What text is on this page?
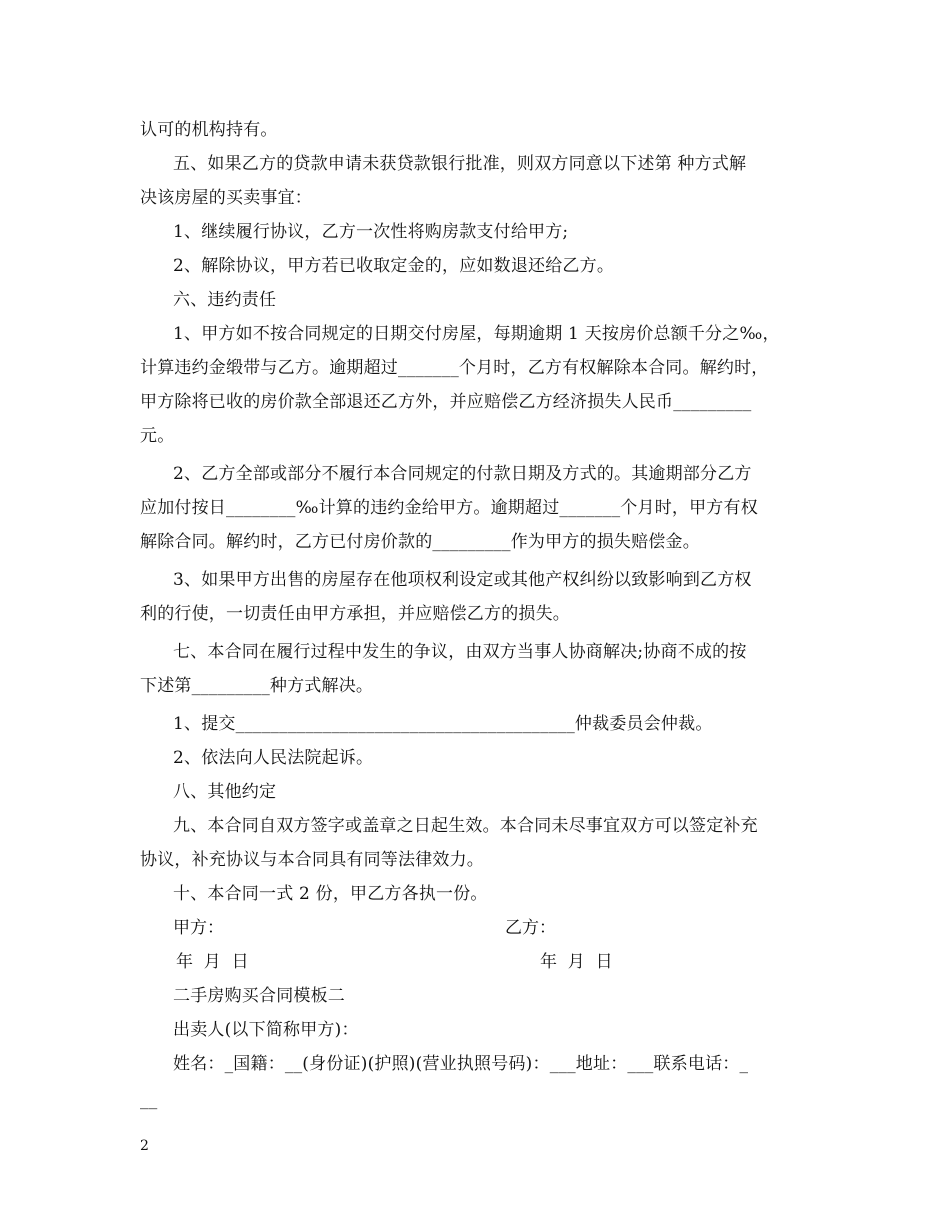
认可的机构持有。
五、如果乙方的贷款申请未获贷款银行批准，则双方同意以下述第 种方式解
决该房屋的买卖事宜：
1、继续履行协议，乙方一次性将购房款支付给甲方;
2、解除协议，甲方若已收取定金的，应如数退还给乙方。
六、违约责任
1、甲方如不按合同规定的日期交付房屋，每期逾期 1 天按房价总额千分之‰，
计算违约金缎带与乙方。逾期超过_______个月时，乙方有权解除本合同。解约时，
甲方除将已收的房价款全部退还乙方外，并应赔偿乙方经济损失人民币_________
元。
2、乙方全部或部分不履行本合同规定的付款日期及方式的。其逾期部分乙方
应加付按日________‰计算的违约金给甲方。逾期超过_______个月时，甲方有权
解除合同。解约时，乙方已付房价款的_________作为甲方的损失赔偿金。
3、如果甲方出售的房屋存在他项权利设定或其他产权纠纷以致影响到乙方权
利的行使，一切责任由甲方承担，并应赔偿乙方的损失。
七、本合同在履行过程中发生的争议，由双方当事人协商解决;协商不成的按
下述第_________种方式解决。
1、提交_______________________________________仲裁委员会仲裁。
2、依法向人民法院起诉。
八、其他约定
九、本合同自双方签字或盖章之日起生效。本合同未尽事宜双方可以签定补充
协议，补充协议与本合同具有同等法律效力。
十、本合同一式 2 份，甲乙方各执一份。
甲方：	乙方：
年  月  日	年  月  日
二手房购买合同模板二
出卖人(以下简称甲方)：
姓名：_国籍：__(身份证)(护照)(营业执照号码)：___地址：___联系电话：_
__
2
